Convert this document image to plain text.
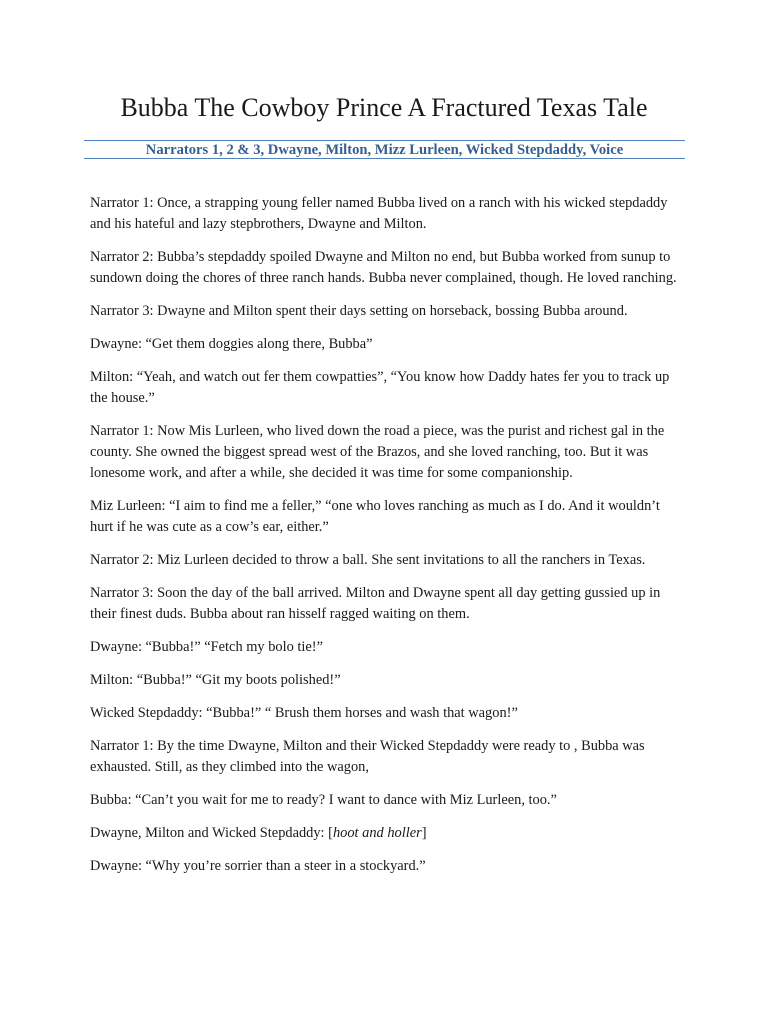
Bubba The Cowboy Prince A Fractured Texas Tale
Narrators 1, 2 & 3, Dwayne, Milton, Mizz Lurleen, Wicked Stepdaddy, Voice

Narrator 1: Once, a strapping young feller named Bubba lived on a ranch with his wicked stepdaddy and his hateful and lazy stepbrothers, Dwayne and Milton.

Narrator 2: Bubba’s stepdaddy spoiled Dwayne and Milton no end, but Bubba worked from sunup to sundown doing the chores of three ranch hands. Bubba never complained, though. He loved ranching.

Narrator 3: Dwayne and Milton spent their days setting on horseback, bossing Bubba around.

Dwayne: “Get them doggies along there, Bubba”

Milton: “Yeah, and watch out fer them cowpatties”, “You know how Daddy hates fer you to track up the house.”

Narrator 1: Now Mis Lurleen, who lived down the road a piece, was the purist and richest gal in the county. She owned the biggest spread west of the Brazos, and she loved ranching, too. But it was lonesome work, and after a while, she decided it was time for some companionship.

Miz Lurleen: “I aim to find me a feller,” “one who loves ranching as much as I do. And it wouldn’t hurt if he was cute as a cow’s ear, either.”

Narrator 2: Miz Lurleen decided to throw a ball. She sent invitations to all the ranchers in Texas.

Narrator 3: Soon the day of the ball arrived. Milton and Dwayne spent all day getting gussied up in their finest duds. Bubba about ran hisself ragged waiting on them.

Dwayne: “Bubba!” “Fetch my bolo tie!”

Milton: “Bubba!” “Git my boots polished!”

Wicked Stepdaddy: “Bubba!” “ Brush them horses and wash that wagon!”

Narrator 1: By the time Dwayne, Milton and their Wicked Stepdaddy were ready to , Bubba was exhausted. Still, as they climbed into the wagon,

Bubba: “Can’t you wait for me to ready? I want to dance with Miz Lurleen, too.”

Dwayne, Milton and Wicked Stepdaddy: [hoot and holler]

Dwayne: “Why you’re sorrier than a steer in a stockyard.”
